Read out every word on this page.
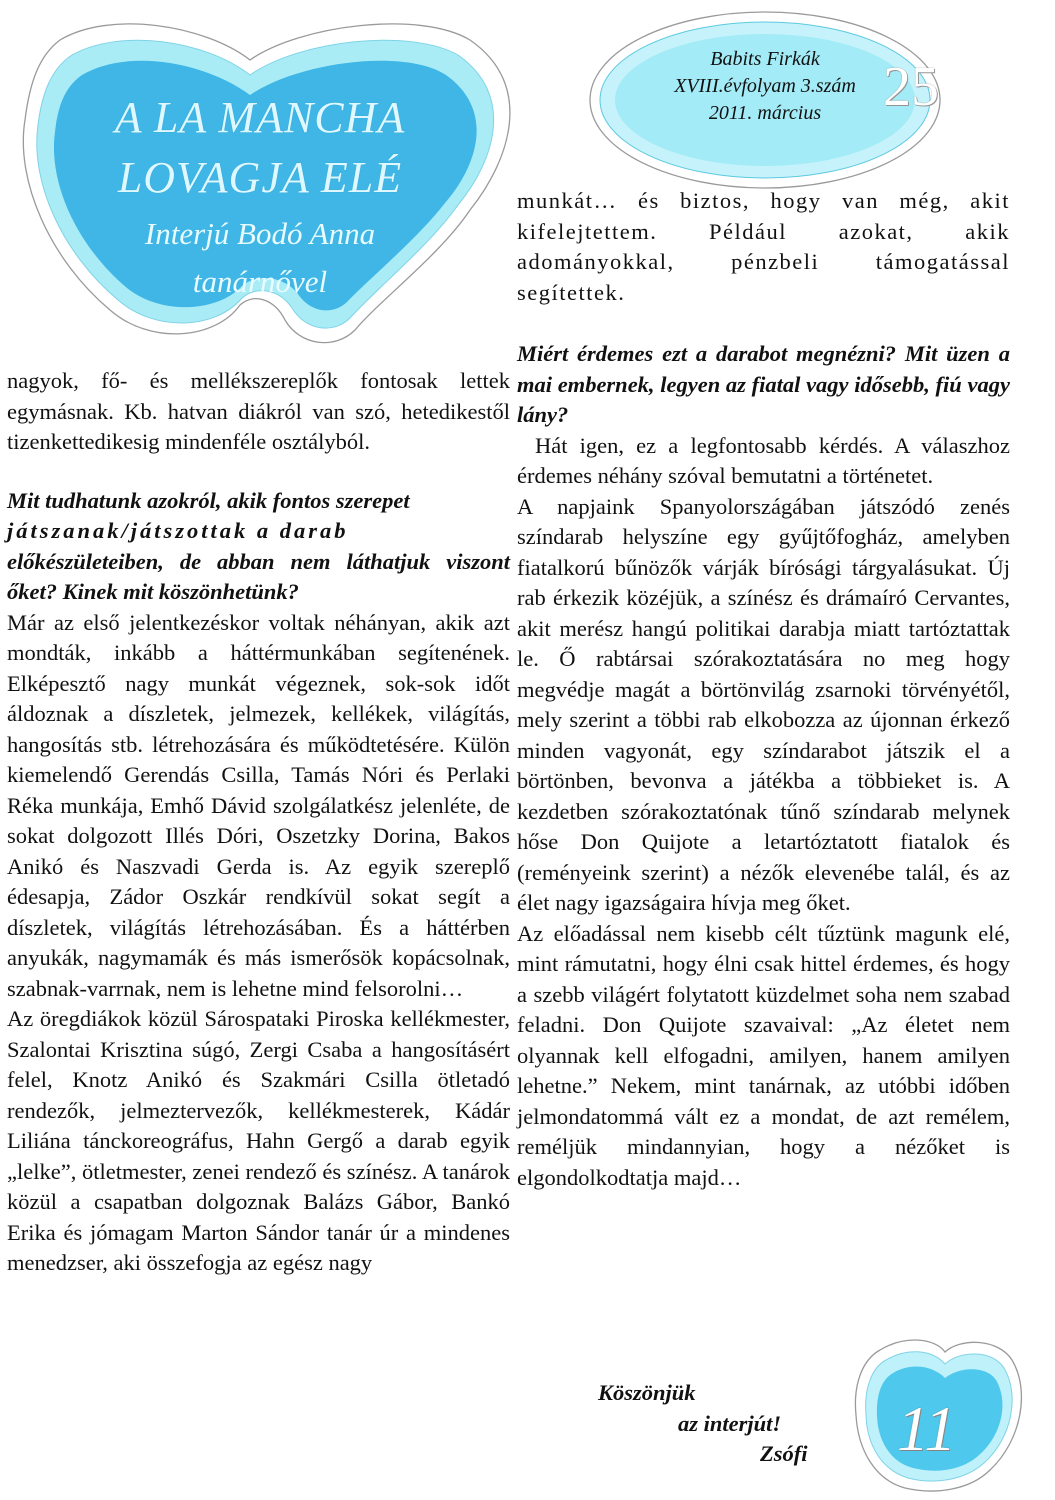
A LA MANCHA
LOVAGJA ELÉ
Interjú Bodó Anna
tanárnővel
Babits Firkák
XVIII.évfolyam 3.szám
2011. március	25

nagyok, fő- és mellékszereplők fontosak lettek egymásnak. Kb. hatvan diákról van szó, hetedikestől tizenkettedikesig mindenféle osztályból.

Mit tudhatunk azokról, akik fontos szerepet

játszanak/játszottak a darab

előkészületeiben, de abban nem láthatjuk viszont őket? Kinek mit köszönhetünk?

Már az első jelentkezéskor voltak néhányan, akik azt mondták, inkább a háttérmunkában segítenének. Elképesztő nagy munkát végeznek, sok-sok időt áldoznak a díszletek, jelmezek, kellékek, világítás, hangosítás stb. létrehozására és működtetésére. Külön kiemelendő Gerendás Csilla, Tamás Nóri és Perlaki Réka munkája, Emhő Dávid szolgálatkész jelenléte, de sokat dolgozott Illés Dóri, Oszetzky Dorina, Bakos Anikó és Naszvadi Gerda is. Az egyik szereplő édesapja, Zádor Oszkár rendkívül sokat segít a díszletek, világítás létrehozásában. És a háttérben anyukák, nagymamák és más ismerősök kopácsolnak, szabnak-varrnak, nem is lehetne mind felsorolni…

Az öregdiákok közül Sárospataki Piroska kellékmester, Szalontai Krisztina súgó, Zergi Csaba a hangosításért felel, Knotz Anikó és Szakmári Csilla ötletadó rendezők, jelmeztervezők, kellékmesterek, Kádár Liliána tánckoreográfus, Hahn Gergő a darab egyik „lelke”, ötletmester, zenei rendező és színész. A tanárok közül a csapatban dolgoznak Balázs Gábor, Bankó Erika és jómagam Marton Sándor tanár úr a mindenes menedzser, aki összefogja az egész nagy

munkát… és biztos, hogy van még, akit kifelejtettem. Például azokat, akik adományokkal, pénzbeli támogatással segítettek.

Miért érdemes ezt a darabot megnézni? Mit üzen a mai embernek, legyen az fiatal vagy idősebb, fiú vagy lány?

Hát igen, ez a legfontosabb kérdés. A válaszhoz érdemes néhány szóval bemutatni a történetet.

A napjaink Spanyolországában játszódó zenés színdarab helyszíne egy gyűjtőfogház, amelyben fiatalkorú bűnözők várják bírósági tárgyalásukat. Új rab érkezik közéjük, a színész és drámaíró Cervantes, akit merész hangú politikai darabja miatt tartóztattak le. Ő rabtársai szórakoztatására no meg hogy megvédje magát a börtönvilág zsarnoki törvényétől, mely szerint a többi rab elkobozza az újonnan érkező minden vagyonát, egy színdarabot játszik el a börtönben, bevonva a játékba a többieket is. A kezdetben szórakoztatónak tűnő színdarab melynek hőse Don Quijote a letartóztatott fiatalok és (reményeink szerint) a nézők elevenébe talál, és az élet nagy igazságaira hívja meg őket.

Az előadással nem kisebb célt tűztünk magunk elé, mint rámutatni, hogy élni csak hittel érdemes, és hogy a szebb világért folytatott küzdelmet soha nem szabad feladni. Don Quijote szavaival: „Az életet nem olyannak kell elfogadni, amilyen, hanem amilyen lehetne.” Nekem, mint tanárnak, az utóbbi időben jelmondatommá vált ez a mondat, de azt remélem, reméljük mindannyian, hogy a nézőket is elgondolkodtatja majd…

Köszönjük
az interjút!
Zsófi 11
